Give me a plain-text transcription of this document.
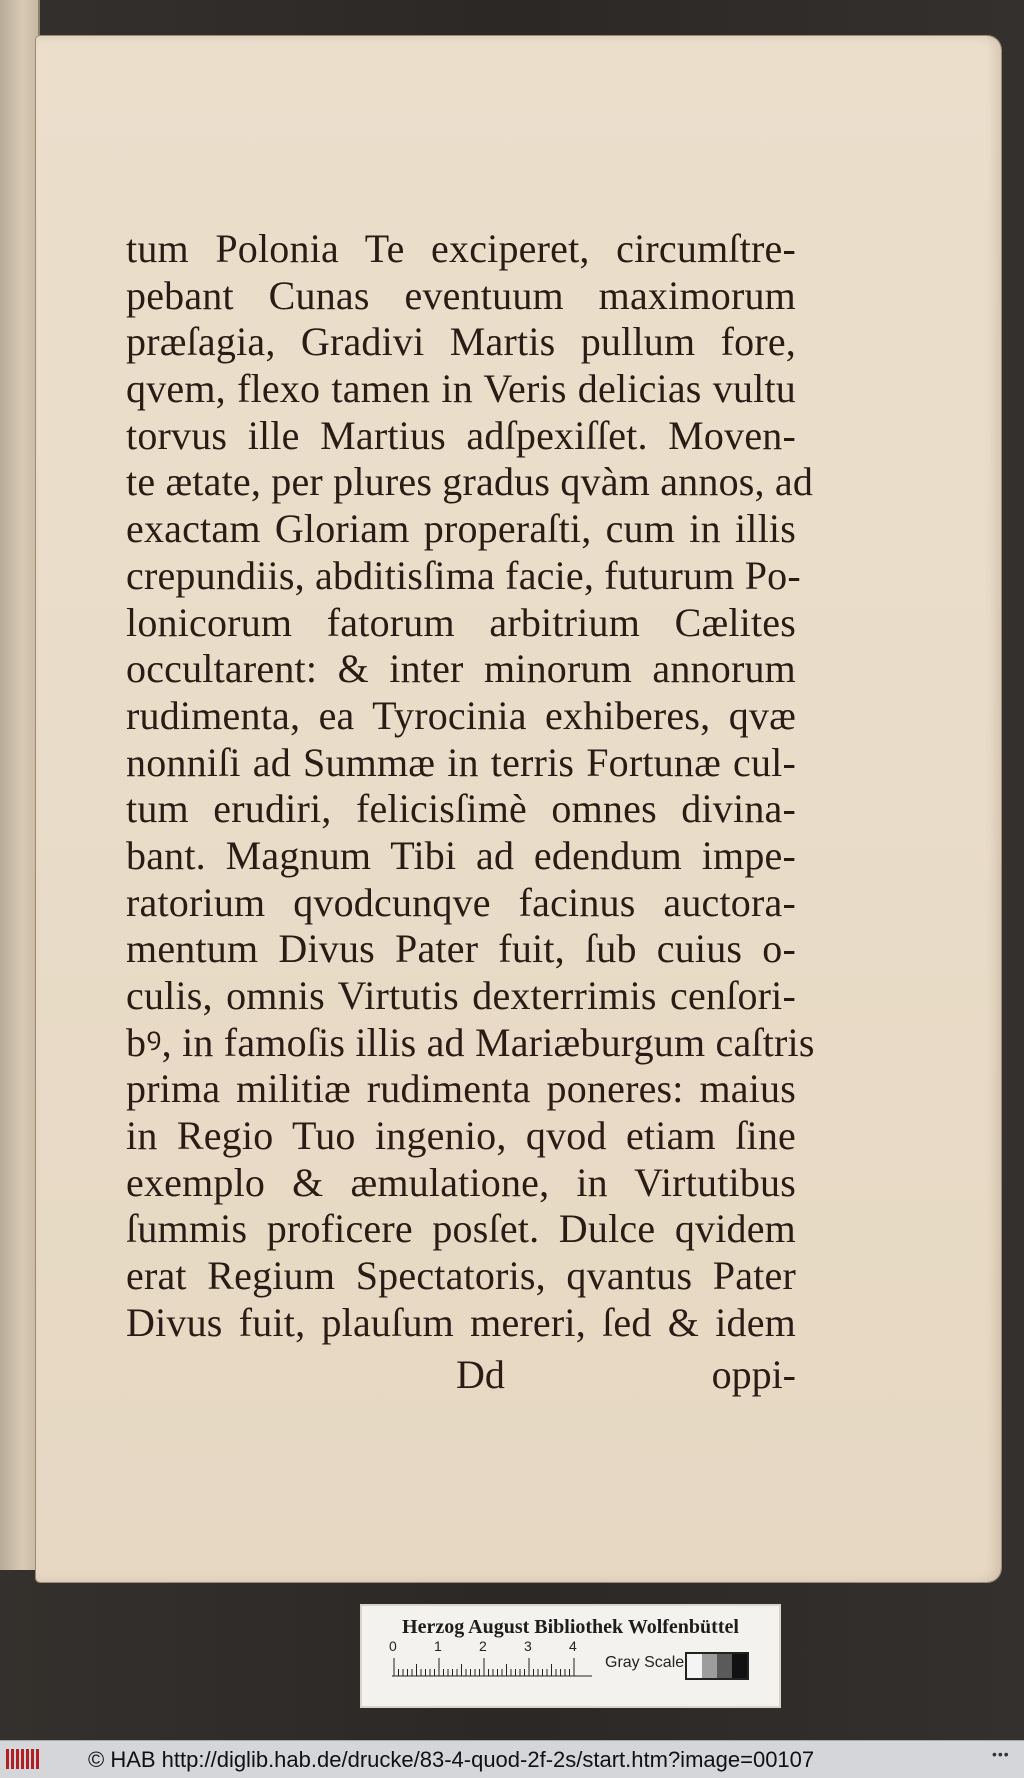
tum Polonia Te exciperet, circumſtre-
pebant Cunas eventuum maximorum
præſagia, Gradivi Martis pullum fore,
qvem, flexo tamen in Veris delicias vultu
torvus ille Martius adſpexiſſet. Moven-
te ætate, per plures gradus qvàm annos, ad
exactam Gloriam properaſti, cum in illis
crepundiis, abditisſima facie, futurum Po-
lonicorum fatorum arbitrium Cælites
occultarent: & inter minorum annorum
rudimenta, ea Tyrocinia exhiberes, qvæ
nonniſi ad Summæ in terris Fortunæ cul-
tum erudiri, felicisſimè omnes divina-
bant. Magnum Tibi ad edendum impe-
ratorium qvodcunqve facinus auctora-
mentum Divus Pater fuit, ſub cuius o-
culis, omnis Virtutis dexterrimis cenſori-
bꝰ, in famoſis illis ad Mariæburgum caſtris
prima militiæ rudimenta poneres: maius
in Regio Tuo ingenio, qvod etiam ſine
exemplo & æmulatione, in Virtutibus
ſummis proficere posſet. Dulce qvidem
erat Regium Spectatoris, qvantus Pater
Divus fuit, plauſum mereri, ſed & idem
Dd	oppi-
Herzog August Bibliothek Wolfenbüttel
0	1	2	3	4
Gray Scale
© HAB http://diglib.hab.de/drucke/83-4-quod-2f-2s/start.htm?image=00107	•••
